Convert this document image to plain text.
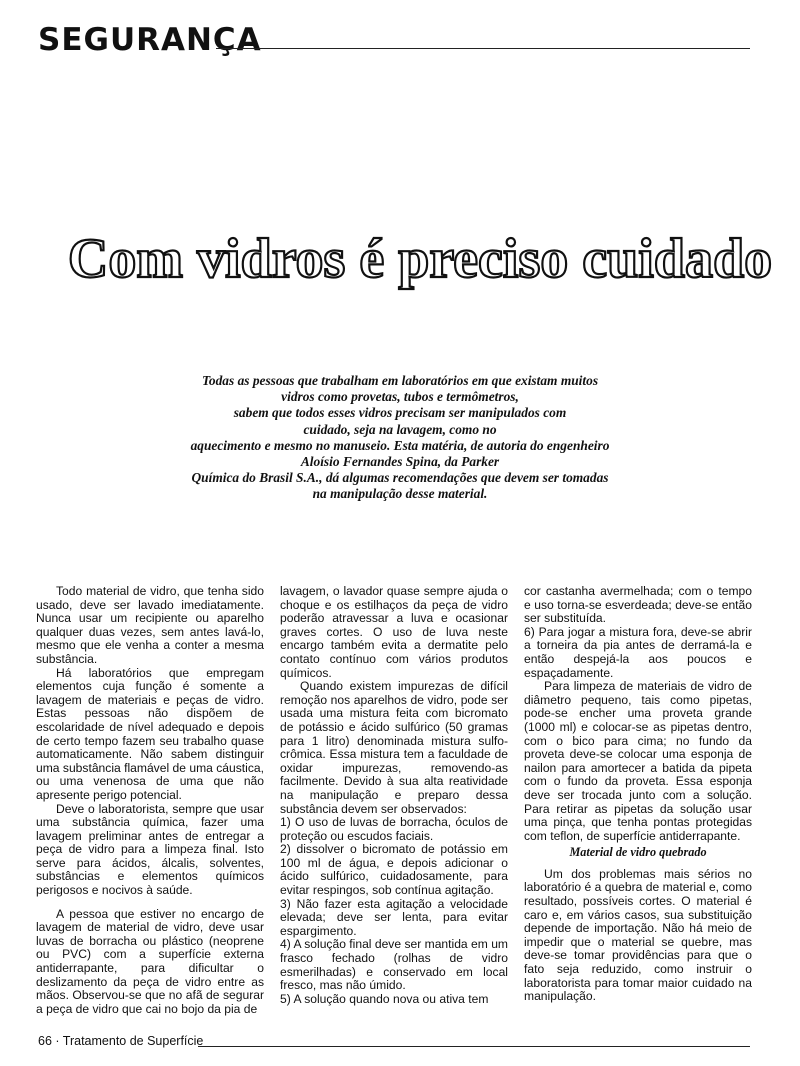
SEGURANÇA
Com vidros é preciso cuidado

Todas as pessoas que trabalham em laboratórios em que existam muitos

vidros como provetas, tubos e termômetros,

sabem que todos esses vidros precisam ser manipulados com

cuidado, seja na lavagem, como no

aquecimento e mesmo no manuseio. Esta matéria, de autoria do engenheiro

Aloísio Fernandes Spina, da Parker

Química do Brasil S.A., dá algumas recomendações que devem ser tomadas

na manipulação desse material.

Todo material de vidro, que tenha sido usado, deve ser lavado imediatamente. Nunca usar um recipiente ou aparelho qualquer duas vezes, sem antes lavá-lo, mesmo que ele venha a conter a mesma substância.

Há laboratórios que empregam elementos cuja função é somente a lavagem de materiais e peças de vidro. Estas pessoas não dispõem de escolaridade de nível adequado e depois de certo tempo fazem seu trabalho quase automaticamente. Não sabem distinguir uma substância flamável de uma cáustica, ou uma venenosa de uma que não apresente perigo potencial.

Deve o laboratorista, sempre que usar uma substância química, fazer uma lavagem preliminar antes de entregar a peça de vidro para a limpeza final. Isto serve para ácidos, álcalis, solventes, substâncias e elementos químicos perigosos e nocivos à saúde.

A pessoa que estiver no encargo de lavagem de material de vidro, deve usar luvas de borracha ou plástico (neoprene ou PVC) com a superfície externa antiderrapante, para dificultar o deslizamento da peça de vidro entre as mãos. Observou-se que no afã de segurar a peça de vidro que cai no bojo da pia de

lavagem, o lavador quase sempre ajuda o choque e os estilhaços da peça de vidro poderão atravessar a luva e ocasionar graves cortes. O uso de luva neste encargo também evita a dermatite pelo contato contínuo com vários produtos químicos.

Quando existem impurezas de difícil remoção nos aparelhos de vidro, pode ser usada uma mistura feita com bicromato de potássio e ácido sulfúrico (50 gramas para 1 litro) denominada mistura sulfo-crômica. Essa mistura tem a faculdade de oxidar impurezas, removendo-as facilmente. Devido à sua alta reatividade na manipulação e preparo dessa substância devem ser observados:

1) O uso de luvas de borracha, óculos de proteção ou escudos faciais.

2) dissolver o bicromato de potássio em 100 ml de água, e depois adicionar o ácido sulfúrico, cuidadosamente, para evitar respingos, sob contínua agitação.

3) Não fazer esta agitação a velocidade elevada; deve ser lenta, para evitar espargimento.

4) A solução final deve ser mantida em um frasco fechado (rolhas de vidro esmerilhadas) e conservado em local fresco, mas não úmido.

5) A solução quando nova ou ativa tem

cor castanha avermelhada; com o tempo e uso torna-se esverdeada; deve-se então ser substituída.

6) Para jogar a mistura fora, deve-se abrir a torneira da pia antes de derramá-la e então despejá-la aos poucos e espaçadamente.

Para limpeza de materiais de vidro de diâmetro pequeno, tais como pipetas, pode-se encher uma proveta grande (1000 ml) e colocar-se as pipetas dentro, com o bico para cima; no fundo da proveta deve-se colocar uma esponja de nailon para amortecer a batida da pipeta com o fundo da proveta. Essa esponja deve ser trocada junto com a solução. Para retirar as pipetas da solução usar uma pinça, que tenha pontas protegidas com teflon, de superfície antiderrapante.

Material de vidro quebrado

Um dos problemas mais sérios no laboratório é a quebra de material e, como resultado, possíveis cortes. O material é caro e, em vários casos, sua substituição depende de importação. Não há meio de impedir que o material se quebre, mas deve-se tomar providências para que o fato seja reduzido, como instruir o laboratorista para tomar maior cuidado na manipulação.

66 · Tratamento de Superfície
